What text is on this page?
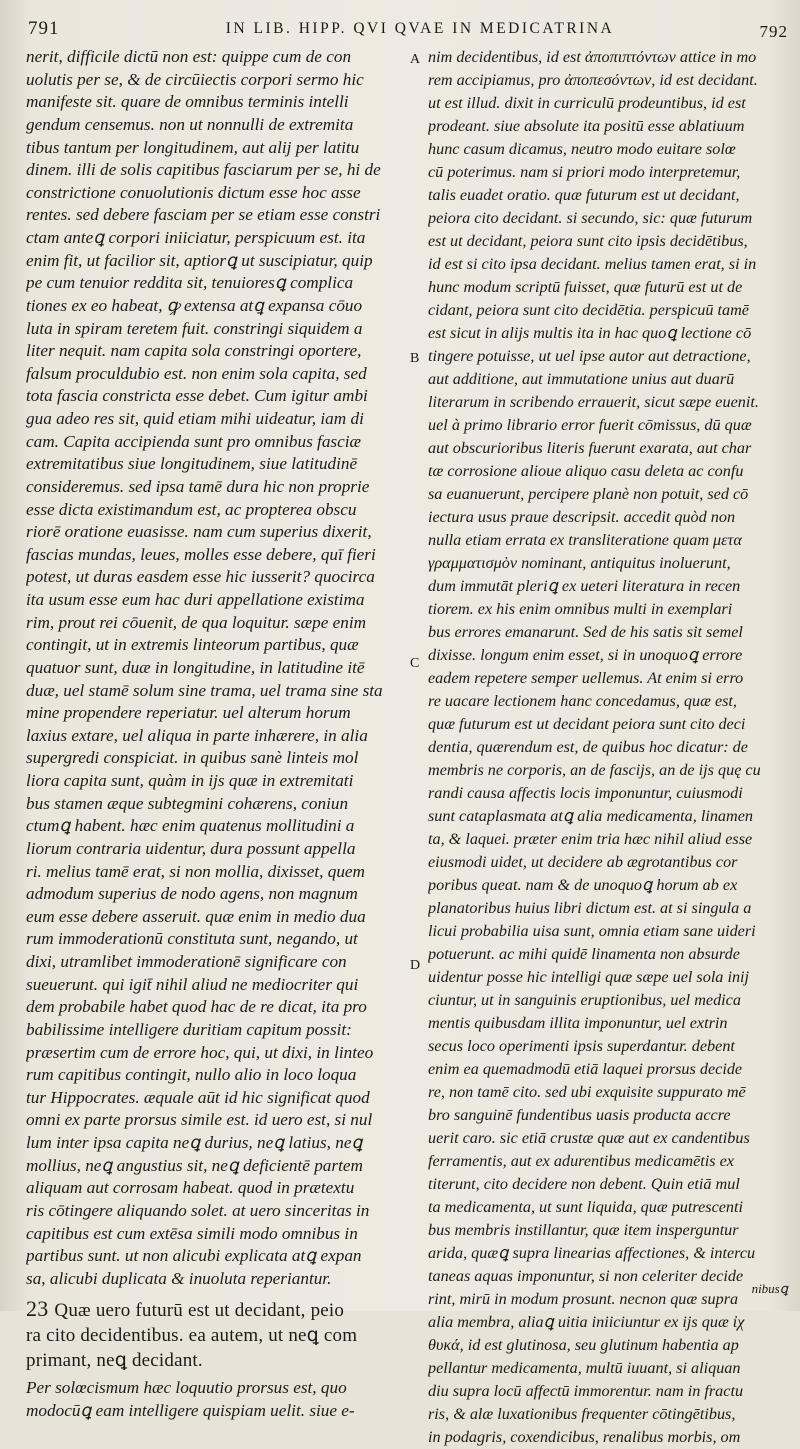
791	IN LIB. HIPP. QVI QVAE IN MEDICATRINA	792

nerit, difficile dictū non est: quippe cum de con
uolutis per se, & de circūiectis corpori sermo hic
manifeste sit. quare de omnibus terminis intelli
gendum censemus. non ut nonnulli de extremita
tibus tantum per longitudinem, aut alij per latitu
dinem. illi de solis capitibus fasciarum per se, hi de
constrictione conuolutionis dictum esse hoc asse
rentes. sed debere fasciam per se etiam esse constri
ctam anteꝗ corpori iniiciatur, perspicuum est. ita
enim fit, ut facilior sit, aptiorꝗ ut suscipiatur, quip
pe cum tenuior reddita sit, tenuioresꝗ complica
tiones ex eo habeat, ꝙ extensa atꝗ expansa cōuo
luta in spiram teretem fuit. constringi siquidem a
liter nequit. nam capita sola constringi oportere,
falsum proculdubio est. non enim sola capita, sed
tota fascia constricta esse debet. Cum igitur ambi
gua adeo res sit, quid etiam mihi uideatur, iam di
cam. Capita accipienda sunt pro omnibus fasciæ
extremitatibus siue longitudinem, siue latitudinē
consideremus. sed ipsa tamē dura hic non proprie
esse dicta existimandum est, ac propterea obscu
riorē oratione euasisse. nam cum superius dixerit,
fascias mundas, leues, molles esse debere, quī fieri
potest, ut duras easdem esse hic iusserit? quocirca
ita usum esse eum hac duri appellatione existima
rim, prout rei cōuenit, de qua loquitur. sæpe enim
contingit, ut in extremis linteorum partibus, quæ
quatuor sunt, duæ in longitudine, in latitudine itē
duæ, uel stamē solum sine trama, uel trama sine sta
mine propendere reperiatur. uel alterum horum
laxius extare, uel aliqua in parte inhærere, in alia
supergredi conspiciat. in quibus sanè linteis mol
liora capita sunt, quàm in ijs quæ in extremitati
bus stamen æque subtegmini cohærens, coniun
ctumꝗ habent. hæc enim quatenus mollitudini a
liorum contraria uidentur, dura possunt appella
ri. melius tamē erat, si non mollia, dixisset, quem
admodum superius de nodo agens, non magnum
eum esse debere asseruit. quæ enim in medio dua
rum immoderationū constituta sunt, negando, ut
dixi, utramlibet immoderationē significare con
sueuerunt. qui igit̄ nihil aliud ne mediocriter qui
dem probabile habet quod hac de re dicat, ita pro
babilissime intelligere duritiam capitum possit:
præsertim cum de errore hoc, qui, ut dixi, in linteo
rum capitibus contingit, nullo alio in loco loqua
tur Hippocrates. æquale aūt id hic significat quod
omni ex parte prorsus simile est. id uero est, si nul
lum inter ipsa capita neꝗ durius, neꝗ latius, neꝗ
mollius, neꝗ angustius sit, neꝗ deficientē partem
aliquam aut corrosam habeat. quod in prætextu
ris cōtingere aliquando solet. at uero sinceritas in
capitibus est cum extēsa simili modo omnibus in
partibus sunt. ut non alicubi explicata atꝗ expan
sa, alicubi duplicata & inuoluta reperiantur.

23 Quæ uero futurū est ut decidant, peio
ra cito decidentibus. ea autem, ut neꝗ com
primant, neꝗ decidant.

Per solœcismum hæc loquutio prorsus est, quo
modocūꝗ eam intelligere quispiam uelit. siue e-

A
B
C
D

nim decidentibus, id est ἀποπιπτόντων attice in mo
rem accipiamus, pro ἀποπεσόντων, id est decidant.
ut est illud. dixit in curriculū prodeuntibus, id est
prodeant. siue absolute ita positū esse ablatiuum
hunc casum dicamus, neutro modo euitare solœ
cū poterimus. nam si priori modo interpretemur,
talis euadet oratio. quæ futurum est ut decidant,
peiora cito decidant. si secundo, sic: quæ futurum
est ut decidant, peiora sunt cito ipsis decidētibus,
id est si cito ipsa decidant. melius tamen erat, si in
hunc modum scriptū fuisset, quæ futurū est ut de
cidant, peiora sunt cito decidētia. perspicuū tamē
est sicut in alijs multis ita in hac quoꝗ lectione cō
tingere potuisse, ut uel ipse autor aut detractione,
aut additione, aut immutatione unius aut duarū
literarum in scribendo errauerit, sicut sæpe euenit.
uel à primo librario error fuerit cōmissus, dū quæ
aut obscurioribus literis fuerunt exarata, aut char
tæ corrosione alioue aliquo casu deleta ac confu
sa euanuerunt, percipere planè non potuit, sed cō
iectura usus praue descripsit. accedit quòd non
nulla etiam errata ex transliteratione quam μετα
γραμματισμὸν nominant, antiquitus inoluerunt,
dum immutāt pleriꝗ ex ueteri literatura in recen
tiorem. ex his enim omnibus multi in exemplari
bus errores emanarunt. Sed de his satis sit semel
dixisse. longum enim esset, si in unoquoꝗ errore
eadem repetere semper uellemus. At enim si erro
re uacare lectionem hanc concedamus, quæ est,
quæ futurum est ut decidant peiora sunt cito deci
dentia, quærendum est, de quibus hoc dicatur: de
membris ne corporis, an de fascijs, an de ijs quę cu
randi causa affectis locis imponuntur, cuiusmodi
sunt cataplasmata atꝗ alia medicamenta, linamen
ta, & laquei. præter enim tria hæc nihil aliud esse
eiusmodi uidet, ut decidere ab ægrotantibus cor
poribus queat. nam & de unoquoꝗ horum ab ex
planatoribus huius libri dictum est. at si singula a
licui probabilia uisa sunt, omnia etiam sane uideri
potuerunt. ac mihi quidē linamenta non absurde
uidentur posse hic intelligi quæ sæpe uel sola inij
ciuntur, ut in sanguinis eruptionibus, uel medica
mentis quibusdam illita imponuntur, uel extrin
secus loco operimenti ipsis superdantur. debent
enim ea quemadmodū etiā laquei prorsus decide
re, non tamē cito. sed ubi exquisite suppurato mē
bro sanguinē fundentibus uasis producta accre
uerit caro. sic etiā crustæ quæ aut ex candentibus
ferramentis, aut ex adurentibus medicamētis ex
titerunt, cito decidere non debent. Quin etiā mul
ta medicamenta, ut sunt liquida, quæ putrescenti
bus membris instillantur, quæ item insperguntur
arida, quæꝗ supra linearias affectiones, & intercu
taneas aquas imponuntur, si non celeriter decide
rint, mirū in modum prosunt. necnon quæ supra
alia membra, aliaꝗ uitia iniiciuntur ex ijs quæ ἰχ
θυκά, id est glutinosa, seu glutinum habentia ap
pellantur medicamenta, multū iuuant, si aliquan
diu supra locū affectū immorentur. nam in fractu
ris, & alæ luxationibus frequenter cōtingētibus,
in podagris, coxendicibus, renalibus morbis, om

nibusꝗ
